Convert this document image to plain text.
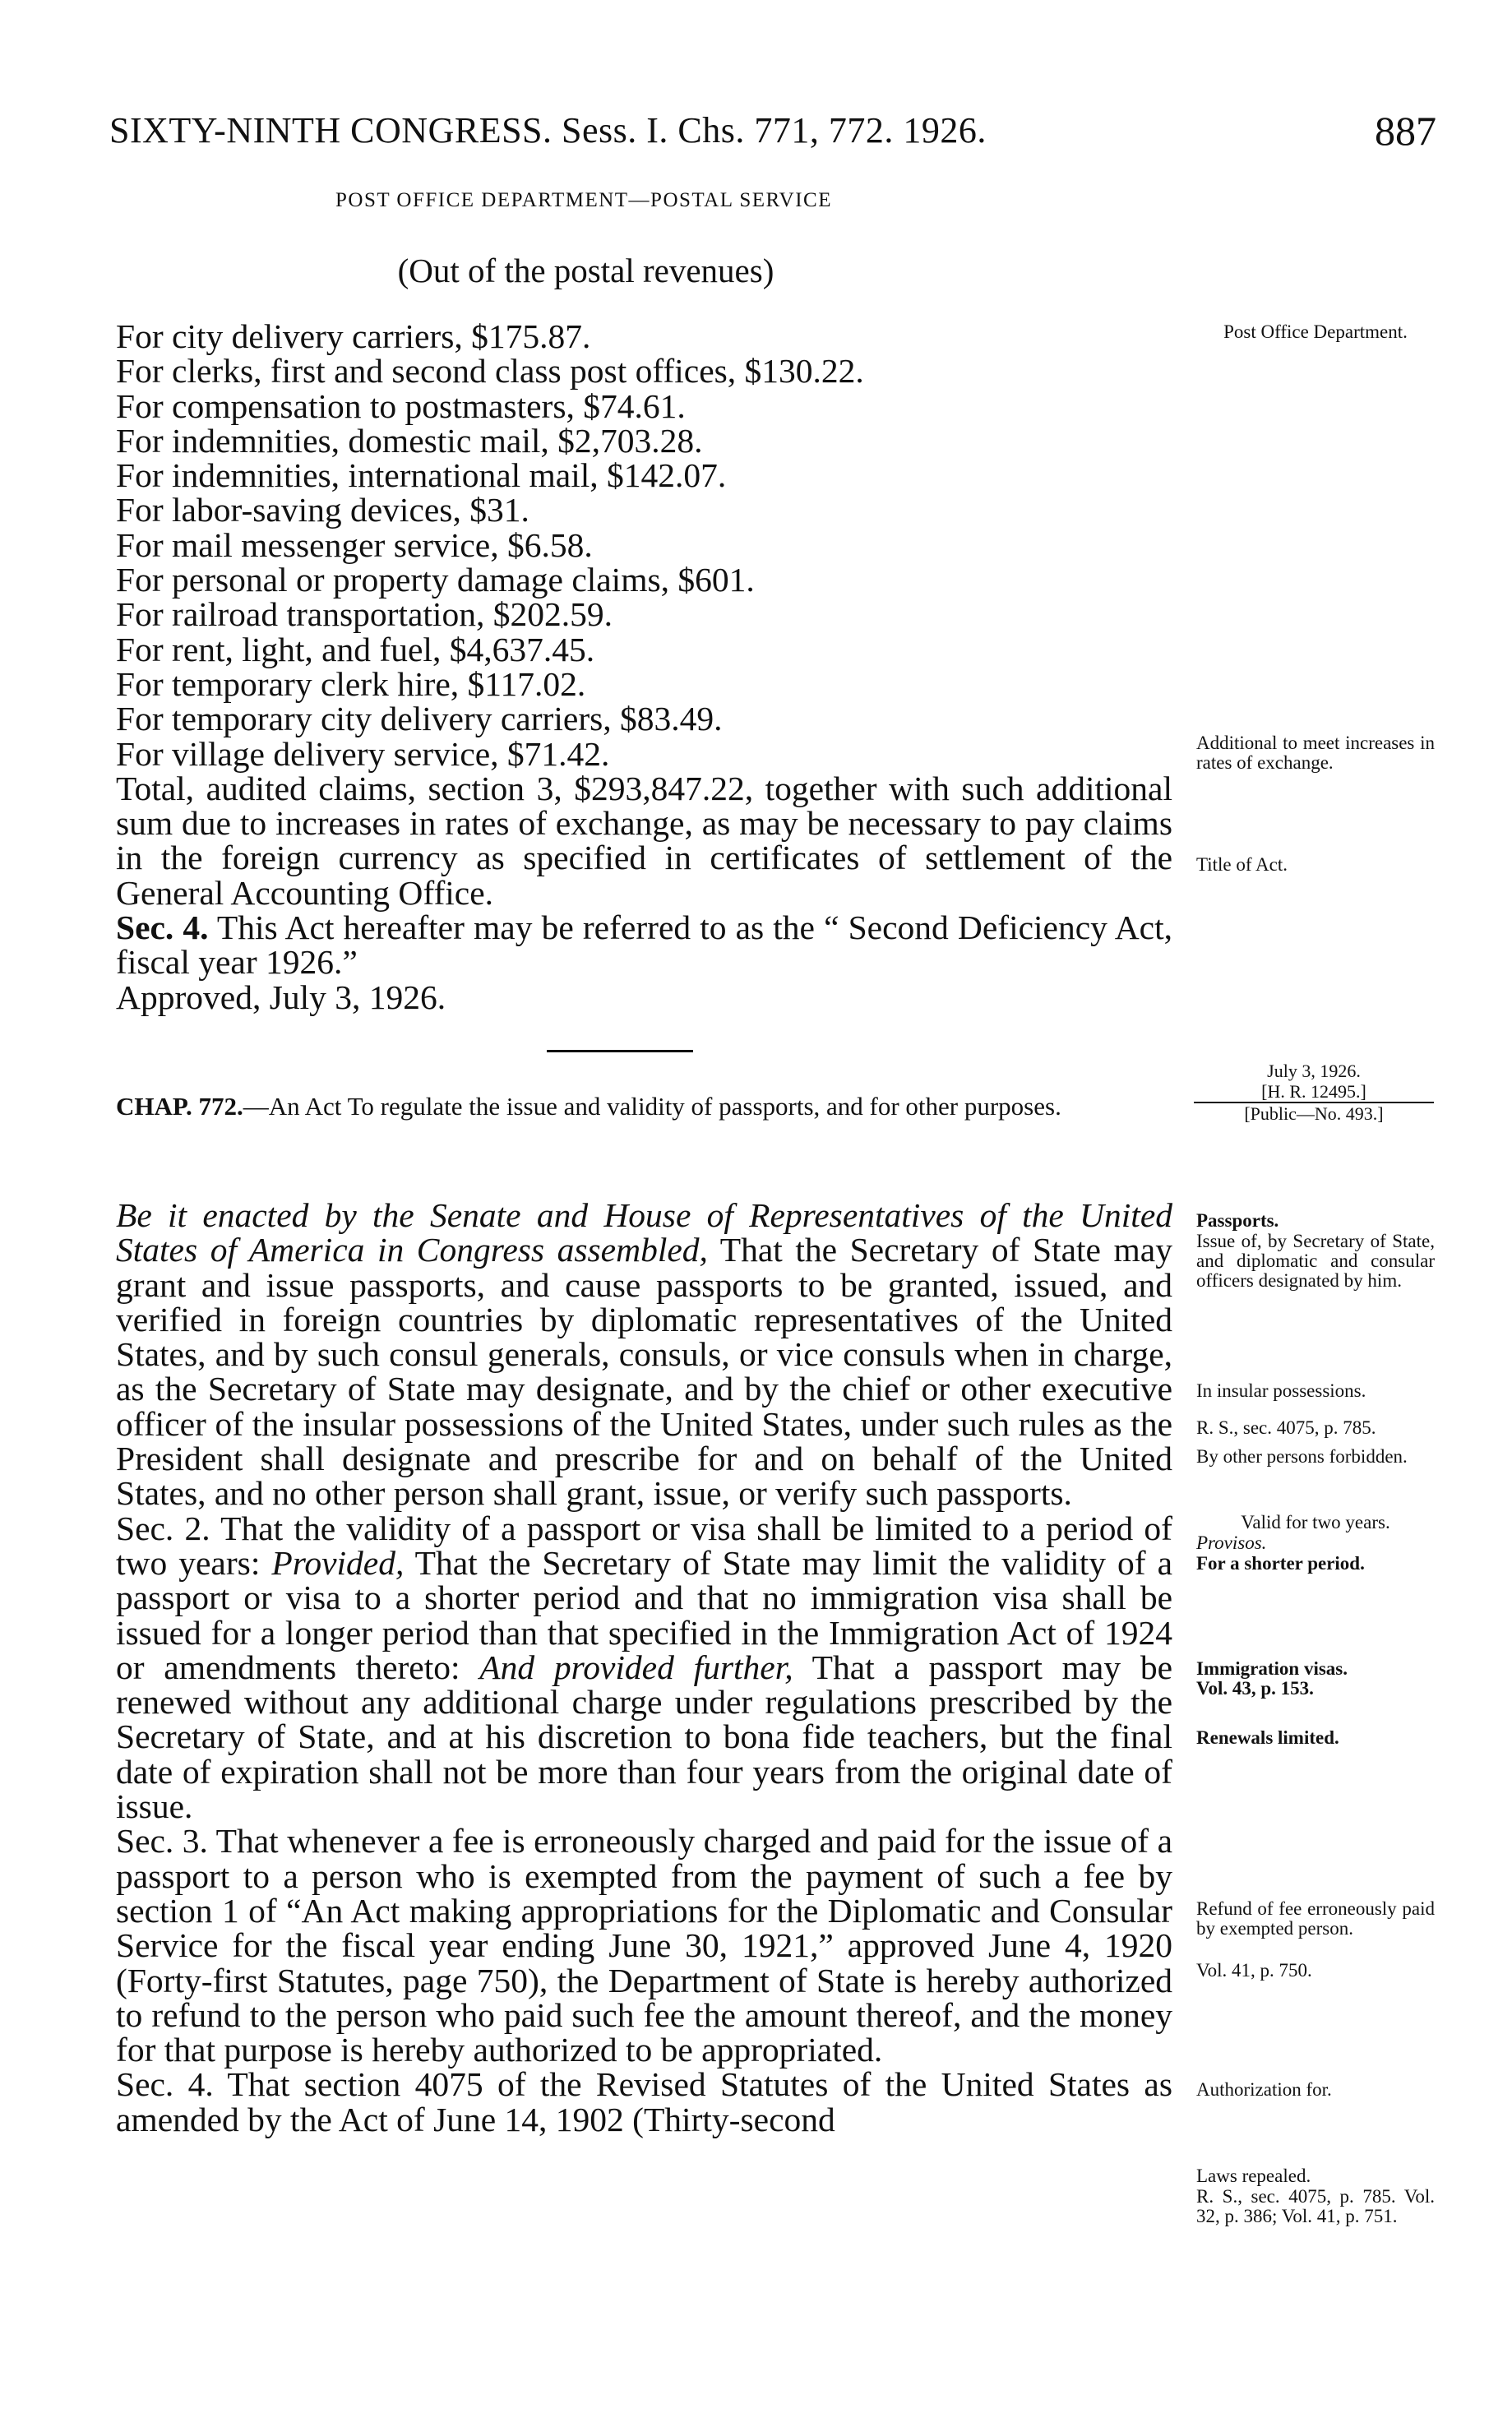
SIXTY-NINTH CONGRESS. Sess. I. Chs. 771, 772. 1926.	887
POST OFFICE DEPARTMENT—POSTAL SERVICE
(Out of the postal revenues)
For city delivery carriers, $175.87.
For clerks, first and second class post offices, $130.22.
For compensation to postmasters, $74.61.
For indemnities, domestic mail, $2,703.28.
For indemnities, international mail, $142.07.
For labor-saving devices, $31.
For mail messenger service, $6.58.
For personal or property damage claims, $601.
For railroad transportation, $202.59.
For rent, light, and fuel, $4,637.45.
For temporary clerk hire, $117.02.
For temporary city delivery carriers, $83.49.
For village delivery service, $71.42.

Total, audited claims, section 3, $293,847.22, together with such additional sum due to increases in rates of exchange, as may be necessary to pay claims in the foreign currency as specified in certificates of settlement of the General Accounting Office.

Sec. 4. This Act hereafter may be referred to as the “ Second Deficiency Act, fiscal year 1926.”

Approved, July 3, 1926.

CHAP. 772.—An Act To regulate the issue and validity of passports, and for other purposes.

Be it enacted by the Senate and House of Representatives of the United States of America in Congress assembled, That the Secretary of State may grant and issue passports, and cause passports to be granted, issued, and verified in foreign countries by diplomatic representatives of the United States, and by such consul generals, consuls, or vice consuls when in charge, as the Secretary of State may designate, and by the chief or other executive officer of the insular possessions of the United States, under such rules as the President shall designate and prescribe for and on behalf of the United States, and no other person shall grant, issue, or verify such passports.

Sec. 2. That the validity of a passport or visa shall be limited to a period of two years: Provided, That the Secretary of State may limit the validity of a passport or visa to a shorter period and that no immigration visa shall be issued for a longer period than that specified in the Immigration Act of 1924 or amendments thereto: And provided further, That a passport may be renewed without any additional charge under regulations prescribed by the Secretary of State, and at his discretion to bona fide teachers, but the final date of expiration shall not be more than four years from the original date of issue.

Sec. 3. That whenever a fee is erroneously charged and paid for the issue of a passport to a person who is exempted from the payment of such a fee by section 1 of “An Act making appropriations for the Diplomatic and Consular Service for the fiscal year ending June 30, 1921,” approved June 4, 1920 (Forty-first Statutes, page 750), the Department of State is hereby authorized to refund to the person who paid such fee the amount thereof, and the money for that purpose is hereby authorized to be appropriated.

Sec. 4. That section 4075 of the Revised Statutes of the United States as amended by the Act of June 14, 1902 (Thirty-second

Post Office Department.
Additional to meet increases in rates of exchange.
Title of Act.
July 3, 1926.
[H. R. 12495.]
[Public—No. 493.]
Passports.
Issue of, by Secretary of State, and diplomatic and consular officers designated by him.
In insular possessions.
R. S., sec. 4075, p. 785.
By other persons forbidden.
Valid for two years.
Provisos.
For a shorter period.
Immigration visas.
Vol. 43, p. 153.
Renewals limited.
Refund of fee erroneously paid by exempted person.
Vol. 41, p. 750.
Authorization for.
Laws repealed.
R. S., sec. 4075, p. 785. Vol. 32, p. 386; Vol. 41, p. 751.
